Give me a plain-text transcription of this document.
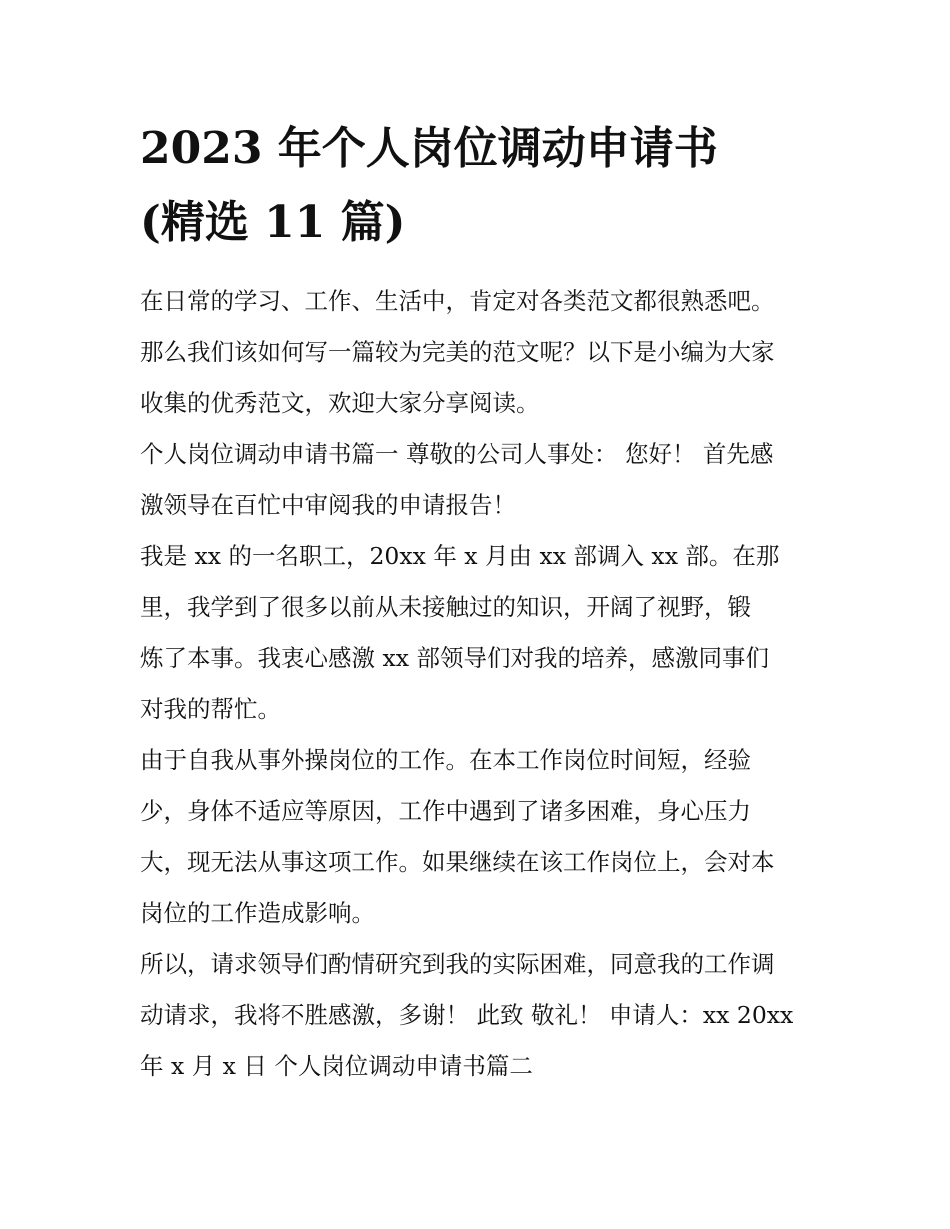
2023 年个人岗位调动申请书
(精选 11 篇)
在日常的学习、工作、生活中，肯定对各类范文都很熟悉吧。
那么我们该如何写一篇较为完美的范文呢？以下是小编为大家
收集的优秀范文，欢迎大家分享阅读。
个人岗位调动申请书篇一 尊敬的公司人事处： 您好！ 首先感
激领导在百忙中审阅我的申请报告！
我是 xx 的一名职工，20xx 年 x 月由 xx 部调入 xx 部。在那
里，我学到了很多以前从未接触过的知识，开阔了视野，锻
炼了本事。我衷心感激 xx 部领导们对我的培养，感激同事们
对我的帮忙。
由于自我从事外操岗位的工作。在本工作岗位时间短，经验
少，身体不适应等原因，工作中遇到了诸多困难，身心压力
大，现无法从事这项工作。如果继续在该工作岗位上，会对本
岗位的工作造成影响。
所以，请求领导们酌情研究到我的实际困难，同意我的工作调
动请求，我将不胜感激，多谢！ 此致 敬礼！ 申请人：xx 20xx
年 x 月 x 日 个人岗位调动申请书篇二
